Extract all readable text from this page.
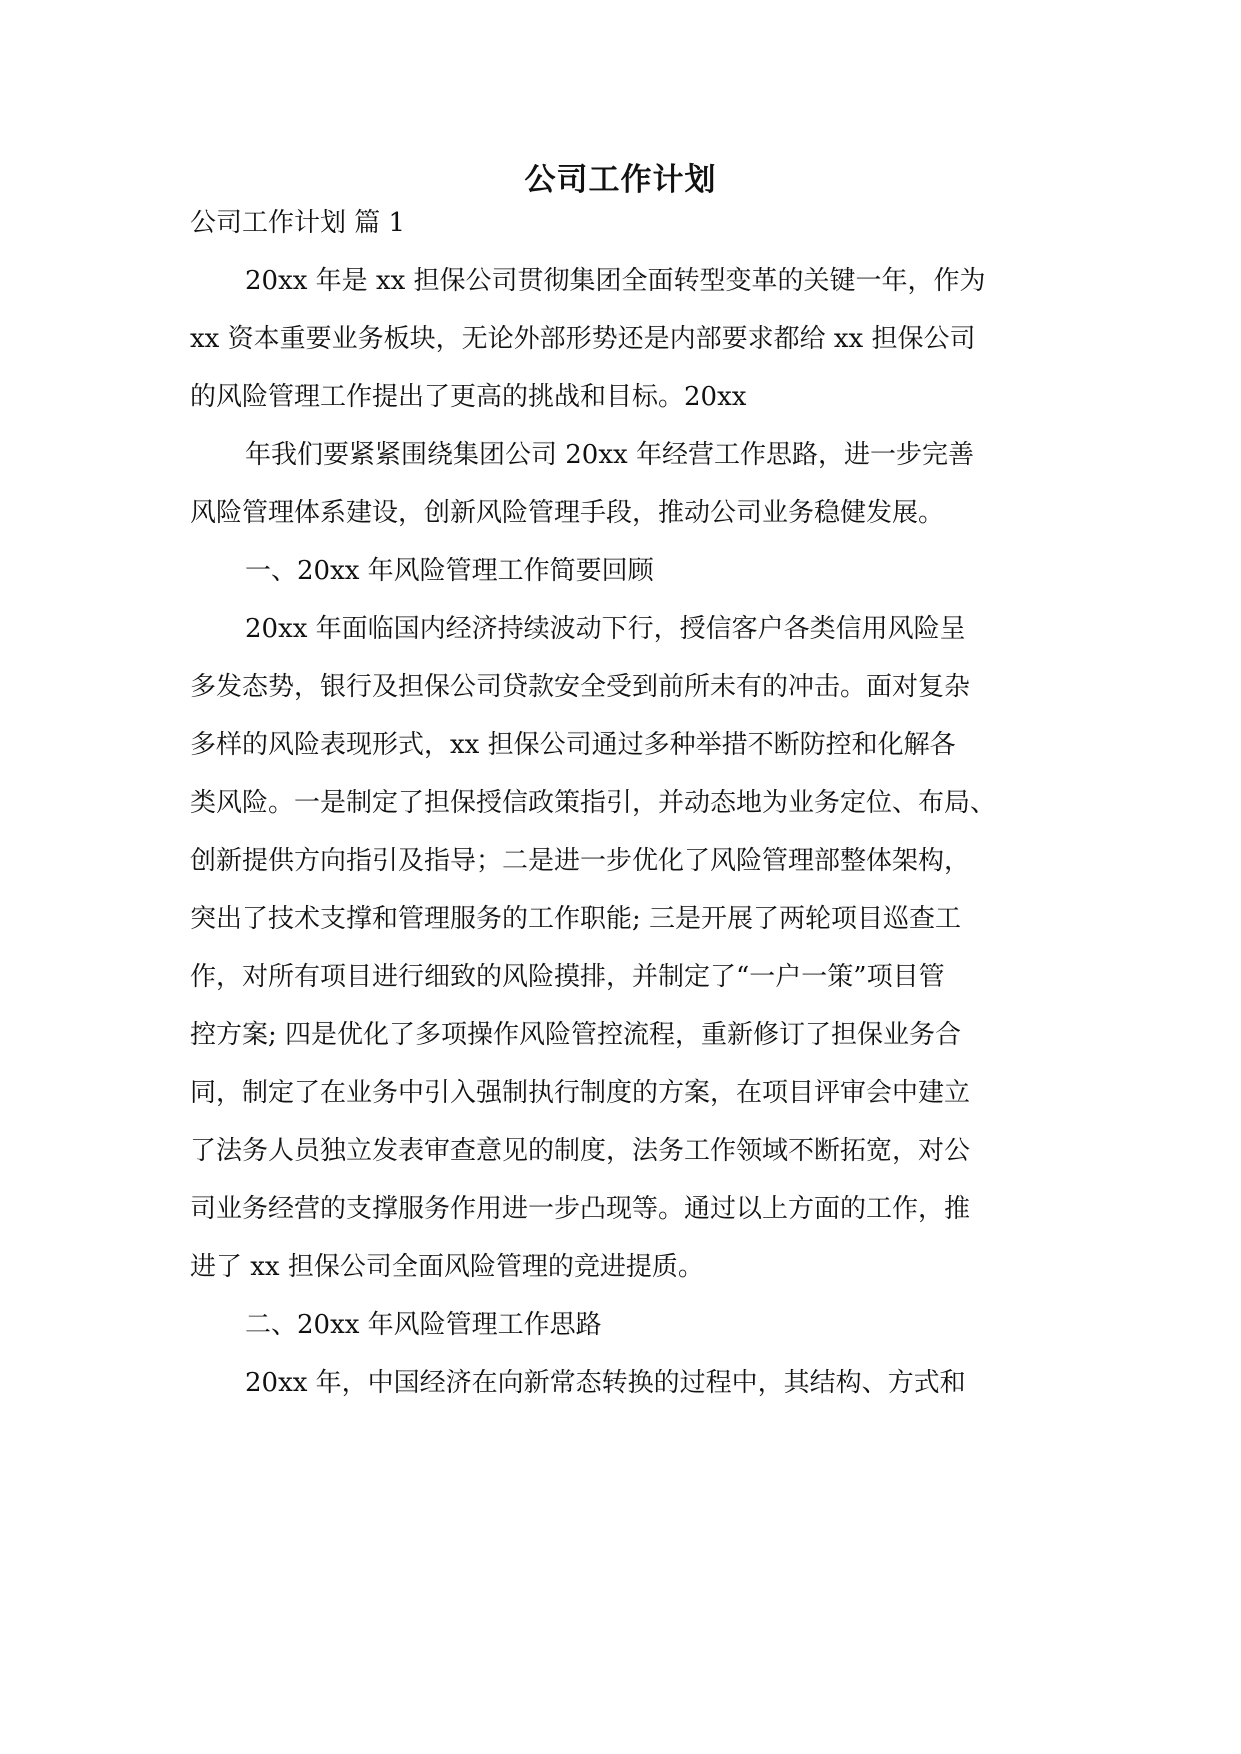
公司工作计划
公司工作计划 篇 1
20xx 年是 xx 担保公司贯彻集团全面转型变革的关键一年，作为
xx 资本重要业务板块，无论外部形势还是内部要求都给 xx 担保公司
的风险管理工作提出了更高的挑战和目标。20xx
年我们要紧紧围绕集团公司 20xx 年经营工作思路，进一步完善
风险管理体系建设，创新风险管理手段，推动公司业务稳健发展。
一、20xx 年风险管理工作简要回顾
20xx 年面临国内经济持续波动下行，授信客户各类信用风险呈
多发态势，银行及担保公司贷款安全受到前所未有的冲击。面对复杂
多样的风险表现形式，xx 担保公司通过多种举措不断防控和化解各
类风险。一是制定了担保授信政策指引，并动态地为业务定位、布局、
创新提供方向指引及指导；二是进一步优化了风险管理部整体架构，
突出了技术支撑和管理服务的工作职能; 三是开展了两轮项目巡查工
作，对所有项目进行细致的风险摸排，并制定了“一户一策”项目管
控方案; 四是优化了多项操作风险管控流程，重新修订了担保业务合
同，制定了在业务中引入强制执行制度的方案，在项目评审会中建立
了法务人员独立发表审查意见的制度，法务工作领域不断拓宽，对公
司业务经营的支撑服务作用进一步凸现等。通过以上方面的工作，推
进了 xx 担保公司全面风险管理的竞进提质。
二、20xx 年风险管理工作思路
20xx 年，中国经济在向新常态转换的过程中，其结构、方式和
